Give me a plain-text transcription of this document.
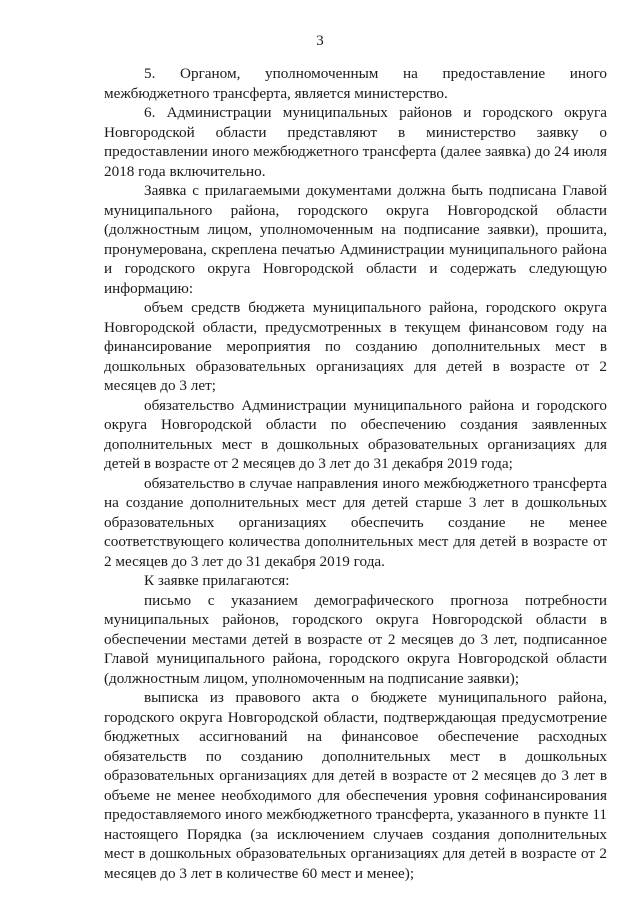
3

5. Органом, уполномоченным на предоставление иного межбюджетного трансферта, является министерство.

6. Администрации муниципальных районов и городского округа Новгородской области представляют в министерство заявку о предоставлении иного межбюджетного трансферта (далее заявка) до 24 июля 2018 года включительно.

Заявка с прилагаемыми документами должна быть подписана Главой муниципального района, городского округа Новгородской области (должностным лицом, уполномоченным на подписание заявки), прошита, пронумерована, скреплена печатью Администрации муниципального района и городского округа Новгородской области и содержать следующую информацию:

объем средств бюджета муниципального района, городского округа Новгородской области, предусмотренных в текущем финансовом году на финансирование мероприятия по созданию дополнительных мест в дошкольных образовательных организациях для детей в возрасте от 2 месяцев до 3 лет;

обязательство Администрации муниципального района и городского округа Новгородской области по обеспечению создания заявленных дополнительных мест в дошкольных образовательных организациях для детей в возрасте от 2 месяцев до 3 лет до 31 декабря 2019 года;

обязательство в случае направления иного межбюджетного трансферта на создание дополнительных мест для детей старше 3 лет в дошкольных образовательных организациях обеспечить создание не менее соответствующего количества дополнительных мест для детей в возрасте от 2 месяцев до 3 лет до 31 декабря 2019 года.

К заявке прилагаются:

письмо с указанием демографического прогноза потребности муниципальных районов, городского округа Новгородской области в обеспечении местами детей в возрасте от 2 месяцев до 3 лет, подписанное Главой муниципального района, городского округа Новгородской области (должностным лицом, уполномоченным на подписание заявки);

выписка из правового акта о бюджете муниципального района, городского округа Новгородской области, подтверждающая предусмотрение бюджетных ассигнований на финансовое обеспечение расходных обязательств по созданию дополнительных мест в дошкольных образовательных организациях для детей в возрасте от 2 месяцев до 3 лет в объеме не менее необходимого для обеспечения уровня софинансирования предоставляемого иного межбюджетного трансферта, указанного в пункте 11 настоящего Порядка (за исключением случаев создания дополнительных мест в дошкольных образовательных организациях для детей в возрасте от 2 месяцев до 3 лет в количестве 60 мест и менее);
